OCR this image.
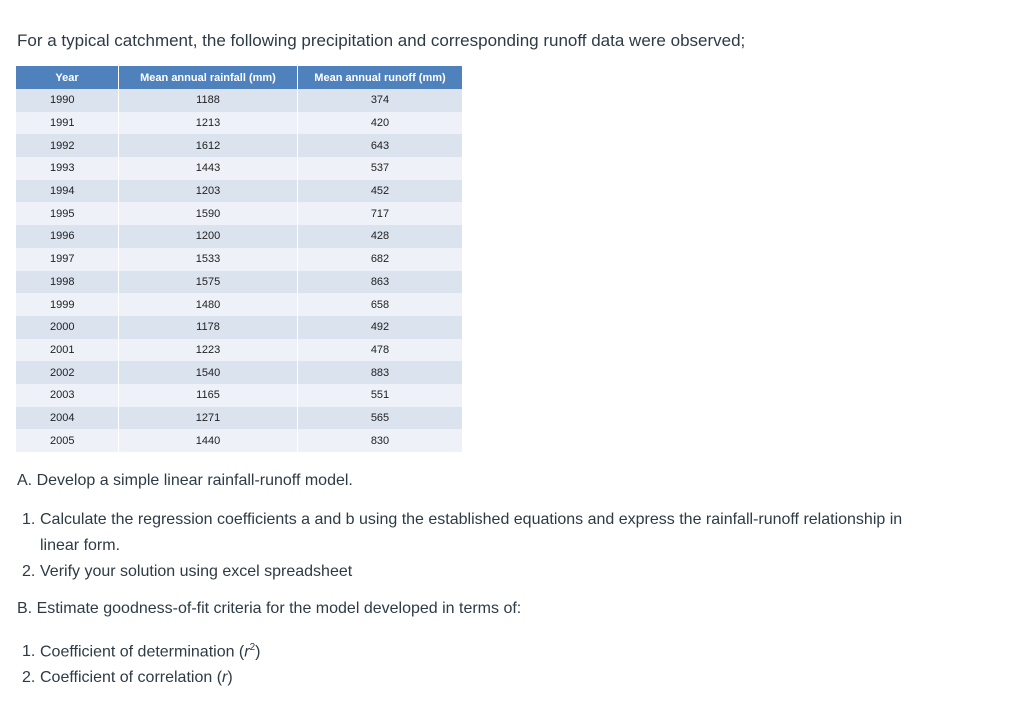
For a typical catchment, the following precipitation and corresponding runoff data were observed;

Year	Mean annual rainfall (mm)	Mean annual runoff (mm)
1990	1188	374
1991	1213	420
1992	1612	643
1993	1443	537
1994	1203	452
1995	1590	717
1996	1200	428
1997	1533	682
1998	1575	863
1999	1480	658
2000	1178	492
2001	1223	478
2002	1540	883
2003	1165	551
2004	1271	565
2005	1440	830

A. Develop a simple linear rainfall-runoff model.

1. Calculate the regression coefficients a and b using the established equations and express the rainfall-runoff relationship in
linear form.
2. Verify your solution using excel spreadsheet

B. Estimate goodness-of-fit criteria for the model developed in terms of:

1. Coefficient of determination $(r^2)$
2. Coefficient of correlation (r)
